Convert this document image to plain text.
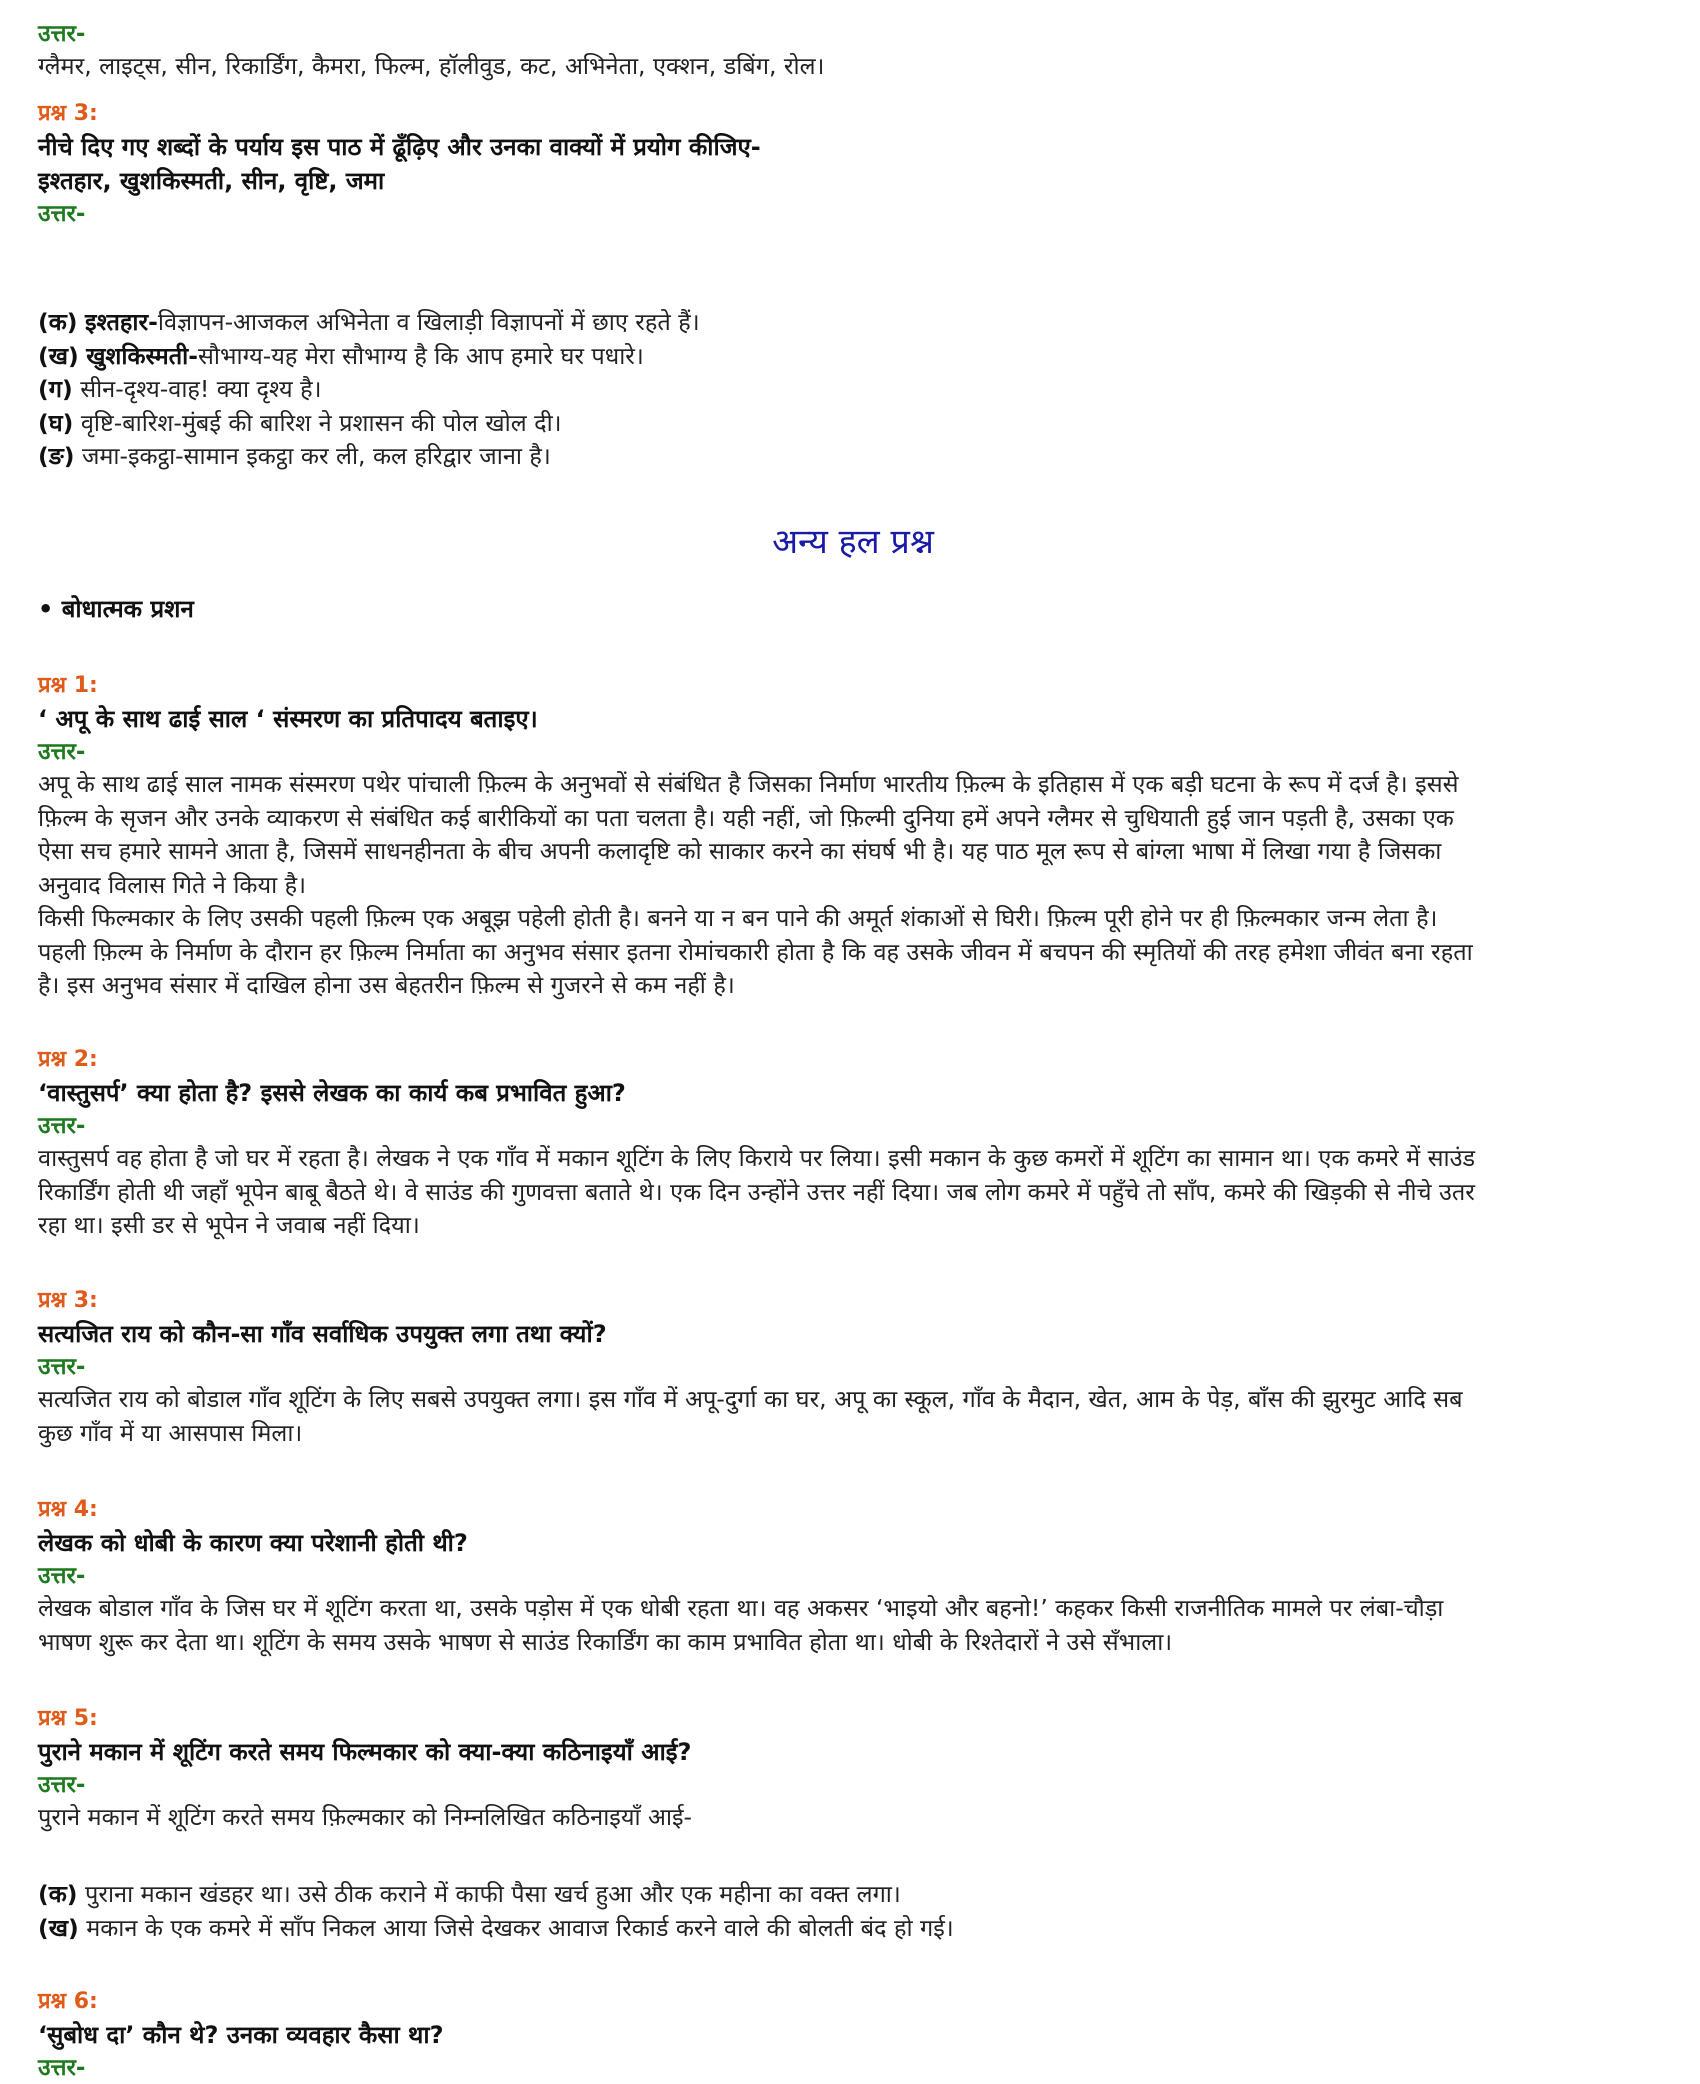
उत्तर-
ग्लैमर, लाइट्स, सीन, रिकार्डिंग, कैमरा, फिल्म, हॉलीवुड, कट, अभिनेता, एक्शन, डबिंग, रोल।
प्रश्न 3:
नीचे दिए गए शब्दों के पर्याय इस पाठ में ढूँढ़िए और उनका वाक्यों में प्रयोग कीजिए-
इश्तहार, खुशकिस्मती, सीन, वृष्टि, जमा
उत्तर-
(क) इश्तहार-विज्ञापन-आजकल अभिनेता व खिलाड़ी विज्ञापनों में छाए रहते हैं।
(ख) खुशकिस्मती-सौभाग्य-यह मेरा सौभाग्य है कि आप हमारे घर पधारे।
(ग) सीन-दृश्य-वाह! क्या दृश्य है।
(घ) वृष्टि-बारिश-मुंबई की बारिश ने प्रशासन की पोल खोल दी।
(ङ) जमा-इकट्ठा-सामान इकट्ठा कर ली, कल हरिद्वार जाना है।
अन्य हल प्रश्न
• बोधात्मक प्रशन
प्रश्न 1:
‘ अपू के साथ ढाई साल ‘ संस्मरण का प्रतिपादय बताइए।
उत्तर-
अपू के साथ ढाई साल नामक संस्मरण पथेर पांचाली फ़िल्म के अनुभवों से संबंधित है जिसका निर्माण भारतीय फ़िल्म के इतिहास में एक बड़ी घटना के रूप में दर्ज है। इससे
फ़िल्म के सृजन और उनके व्याकरण से संबंधित कई बारीकियों का पता चलता है। यही नहीं, जो फ़िल्मी दुनिया हमें अपने ग्लैमर से चुधियाती हुई जान पड़ती है, उसका एक
ऐसा सच हमारे सामने आता है, जिसमें साधनहीनता के बीच अपनी कलादृष्टि को साकार करने का संघर्ष भी है। यह पाठ मूल रूप से बांग्ला भाषा में लिखा गया है जिसका
अनुवाद विलास गिते ने किया है।
किसी फिल्मकार के लिए उसकी पहली फ़िल्म एक अबूझ पहेली होती है। बनने या न बन पाने की अमूर्त शंकाओं से घिरी। फ़िल्म पूरी होने पर ही फ़िल्मकार जन्म लेता है।
पहली फ़िल्म के निर्माण के दौरान हर फ़िल्म निर्माता का अनुभव संसार इतना रोमांचकारी होता है कि वह उसके जीवन में बचपन की स्मृतियों की तरह हमेशा जीवंत बना रहता
है। इस अनुभव संसार में दाखिल होना उस बेहतरीन फ़िल्म से गुजरने से कम नहीं है।
प्रश्न 2:
‘वास्तुसर्प’ क्या होता है? इससे लेखक का कार्य कब प्रभावित हुआ?
उत्तर-
वास्तुसर्प वह होता है जो घर में रहता है। लेखक ने एक गाँव में मकान शूटिंग के लिए किराये पर लिया। इसी मकान के कुछ कमरों में शूटिंग का सामान था। एक कमरे में साउंड
रिकार्डिंग होती थी जहाँ भूपेन बाबू बैठते थे। वे साउंड की गुणवत्ता बताते थे। एक दिन उन्होंने उत्तर नहीं दिया। जब लोग कमरे में पहुँचे तो साँप, कमरे की खिड़की से नीचे उतर
रहा था। इसी डर से भूपेन ने जवाब नहीं दिया।
प्रश्न 3:
सत्यजित राय को कौन-सा गाँव सर्वाधिक उपयुक्त लगा तथा क्यों?
उत्तर-
सत्यजित राय को बोडाल गाँव शूटिंग के लिए सबसे उपयुक्त लगा। इस गाँव में अपू-दुर्गा का घर, अपू का स्कूल, गाँव के मैदान, खेत, आम के पेड़, बाँस की झुरमुट आदि सब
कुछ गाँव में या आसपास मिला।
प्रश्न 4:
लेखक को धोबी के कारण क्या परेशानी होती थी?
उत्तर-
लेखक बोडाल गाँव के जिस घर में शूटिंग करता था, उसके पड़ोस में एक धोबी रहता था। वह अकसर ‘भाइयो और बहनो!’ कहकर किसी राजनीतिक मामले पर लंबा-चौड़ा
भाषण शुरू कर देता था। शूटिंग के समय उसके भाषण से साउंड रिकार्डिंग का काम प्रभावित होता था। धोबी के रिश्तेदारों ने उसे सँभाला।
प्रश्न 5:
पुराने मकान में शूटिंग करते समय फिल्मकार को क्या-क्या कठिनाइयाँ आई?
उत्तर-
पुराने मकान में शूटिंग करते समय फ़िल्मकार को निम्नलिखित कठिनाइयाँ आई-
(क) पुराना मकान खंडहर था। उसे ठीक कराने में काफी पैसा खर्च हुआ और एक महीना का वक्त लगा।
(ख) मकान के एक कमरे में साँप निकल आया जिसे देखकर आवाज रिकार्ड करने वाले की बोलती बंद हो गई।
प्रश्न 6:
‘सुबोध दा’ कौन थे? उनका व्यवहार कैसा था?
उत्तर-
